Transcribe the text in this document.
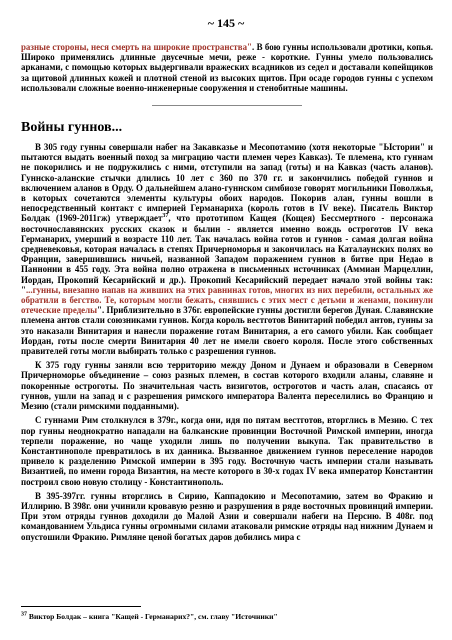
~ 145 ~

разные стороны, неся смерть на широкие пространства". В бою гунны использовали дротики, копья. Широко применялись длинные двусечные мечи, реже - короткие. Гунны умело пользовались арканами, с помощью которых выдергивали вражеских всадников из седел и доставали копейщиков за щитовой длинных кожей и плотной стеной из высоких щитов. При осаде городов гунны с успехом использовали сложные военно-инженерные сооружения и стенобитные машины.

Войны гуннов...

В 305 году гунны совершали набег на Закавказье и Месопотамию (хотя некоторые "Ыстории" и пытаются выдать военный поход за миграцию части племен через Кавказ). Те племена, кто гуннам не покорились и не подружились с ними, отступили на запад (готы) и на Кавказ (часть аланов). Гуннско-аланские стычки длились 10 лет с 360 по 370 гг. и закончились победой гуннов и включением аланов в Орду. О дальнейшем алано-гуннском симбиозе говорят могильники Поволжья, в которых сочетаются элементы культуры обоих народов. Покорив алан, гунны вошли в непосредственный контакт с империей Германариха (король готов в IV веке). Писатель Виктор Болдак (1969-2011гж) утверждает$^{37}$, что прототипом Кащея (Кощея) Бессмертного - персонажа восточнославянских русских сказок и былин - является именно вождь остроготов IV века Германарих, умерший в возрасте 110 лет. Так началась война готов и гуннов - самая долгая война средневековья, которая началась в степях Причерноморья и закончилась на Каталаунских полях во Франции, завершившись ничьей, названной Западом поражением гуннов в битве при Недао в Паннонии в 455 году. Эта война полно отражена в письменных источниках (Аммиан Марцеллин, Иордан, Прокопий Кесарийский и др.). Прокопий Кесарийский передает начало этой войны так: "...гунны, внезапно напав на живших на этих равнинах готов, многих из них перебили, остальных же обратили в бегство. Те, которым могли бежать, снявшись с этих мест с детьми и женами, покинули отеческие пределы". Приблизительно в 376г. европейские гунны достигли берегов Дуная. Славянские племена антов стали союзниками гуннов. Когда король вестготов Винитарий победил антов, гунны за это наказали Винитария и нанесли поражение готам Винитария, а его самого убили. Как сообщает Иордан, готы после смерти Винитария 40 лет не имели своего короля. После этого собственных правителей готы могли выбирать только с разрешения гуннов.

К 375 году гунны заняли всю территорию между Доном и Дунаем и образовали в Северном Причерноморье объединение – союз разных племен, в состав которого входили аланы, славяне и покоренные остроготы. По значительная часть визиготов, остроготов и часть алан, спасаясь от гуннов, ушли на запад и с разрешения римского императора Валента переселились во Францию и Мезию (стали римскими подданными).

С гуннами Рим столкнулся в 379г., когда они, идя по пятам вестготов, вторглись в Мезию. С тех пор гунны неоднократно нападали на балканские провинции Восточной Римской империи, иногда терпели поражение, но чаще уходили лишь по получении выкупа. Так правительство в Константинополе превратилось в их данника. Вызванное движением гуннов переселение народов привело к разделению Римской империи в 395 году. Восточную часть империи стали называть Византией, по имени города Византия, на месте которого в 30-х годах IV века император Константин построил свою новую столицу - Константинополь.

В 395-397гг. гунны вторглись в Сирию, Каппадокию и Месопотамию, затем во Фракию и Иллирию. В 398г. они учинили кровавую резню и разрушения в ряде восточных провинций империи. При этом отряды гуннов доходили до Малой Азии и совершали набеги на Персию. В 408г. под командованием Ульдиса гунны огромными силами атаковали римские отряды над нижним Дунаем и опустошили Фракию. Римляне ценой богатых даров добились мира с

$^{37}$ Виктор Болдак – книга "Кащей - Германарих?", см. главу "Источники"
